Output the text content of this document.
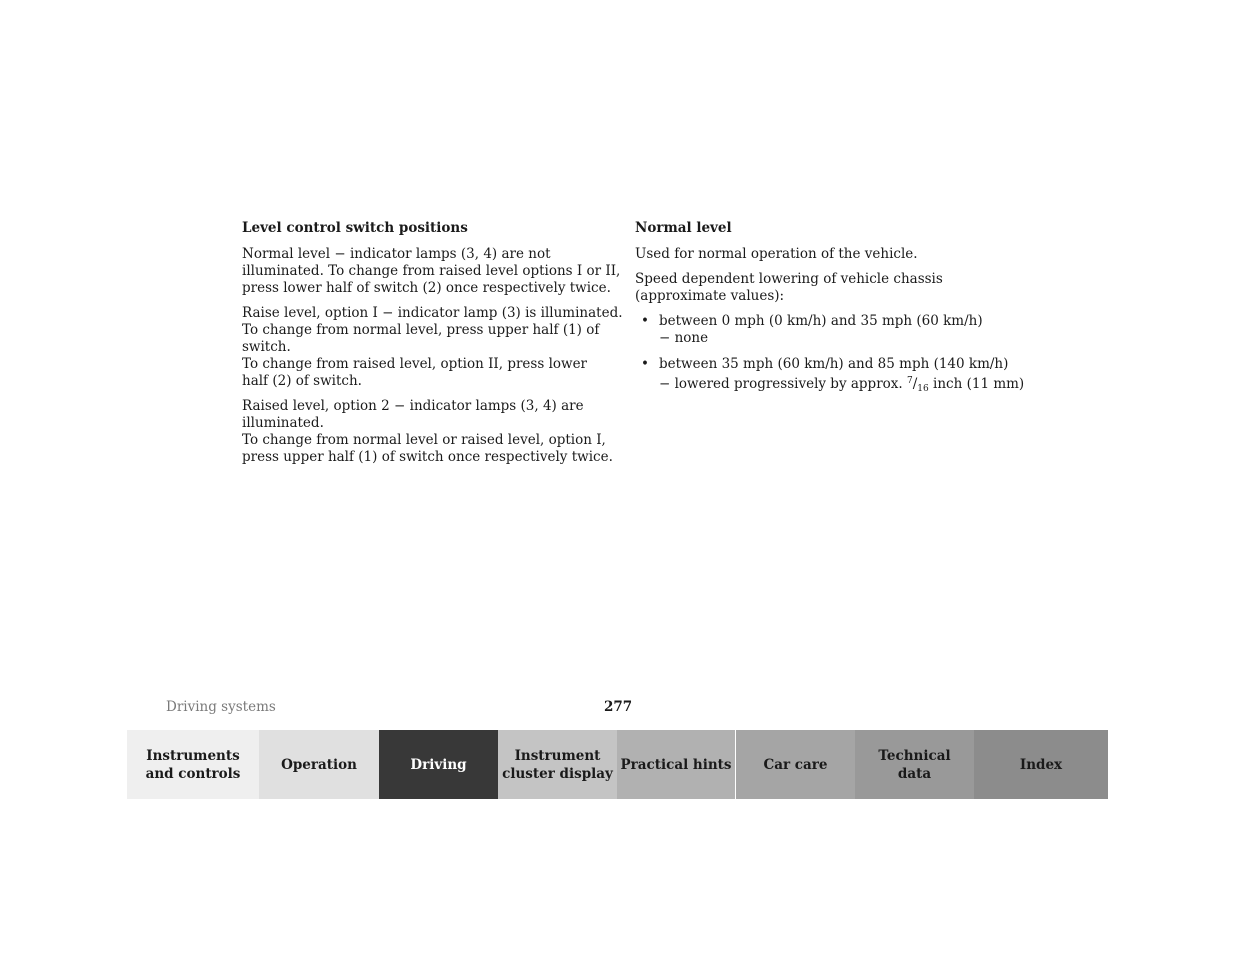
Level control switch positions
Normal level − indicator lamps (3, 4) are not
illuminated. To change from raised level options I or II,
press lower half of switch (2) once respectively twice.
Raise level, option I − indicator lamp (3) is illuminated.
To change from normal level, press upper half (1) of
switch.
To change from raised level, option II, press lower
half (2) of switch.
Raised level, option 2 − indicator lamps (3, 4) are
illuminated.
To change from normal level or raised level, option I,
press upper half (1) of switch once respectively twice.
Normal level
Used for normal operation of the vehicle.
Speed dependent lowering of vehicle chassis
(approximate values):
• between 0 mph (0 km/h) and 35 mph (60 km/h)
− none
• between 35 mph (60 km/h) and 85 mph (140 km/h)
− lowered progressively by approx. $^7/_{16}$ inch (11 mm)
Driving systems	277
Instruments
and controls
Operation	Driving
Instrument
cluster display
Practical hints Car care
Technical
data
Index
